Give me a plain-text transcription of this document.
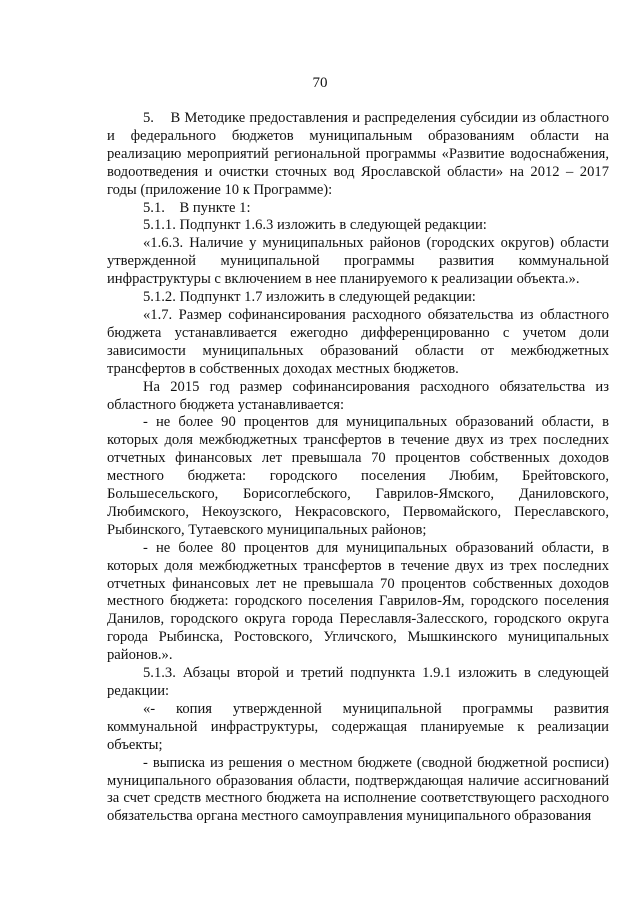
70

5.    В Методике предоставления и распределения субсидии из областного и федерального бюджетов муниципальным образованиям области на реализацию мероприятий региональной программы «Развитие водоснабжения, водоотведения и очистки сточных вод Ярославской области» на 2012 – 2017 годы (приложение 10 к Программе):

5.1.    В пункте 1:

5.1.1. Подпункт 1.6.3 изложить в следующей редакции:

«1.6.3. Наличие у муниципальных районов (городских округов) области утвержденной муниципальной программы развития коммунальной инфраструктуры с включением в нее планируемого к реализации объекта.».

5.1.2. Подпункт 1.7 изложить в следующей редакции:

«1.7. Размер софинансирования расходного обязательства из областного бюджета устанавливается ежегодно дифференцированно с учетом доли зависимости муниципальных образований области от межбюджетных трансфертов в собственных доходах местных бюджетов.

На 2015 год размер софинансирования расходного обязательства из областного бюджета устанавливается:

- не более 90 процентов для муниципальных образований области, в которых доля межбюджетных трансфертов в течение двух из трех последних отчетных финансовых лет превышала 70 процентов собственных доходов местного бюджета: городского поселения Любим, Брейтовского, Большесельского, Борисоглебского, Гаврилов-Ямского, Даниловского, Любимского, Некоузского, Некрасовского, Первомайского, Переславского, Рыбинского, Тутаевского муниципальных районов;

- не более 80 процентов для муниципальных образований области, в которых доля межбюджетных трансфертов в течение двух из трех последних отчетных финансовых лет не превышала 70 процентов собственных доходов местного бюджета: городского поселения Гаврилов-Ям, городского поселения Данилов, городского округа города Переславля-Залесского, городского округа города Рыбинска, Ростовского, Угличского, Мышкинского муниципальных районов.».

5.1.3. Абзацы второй и третий подпункта 1.9.1 изложить в следующей редакции:

«- копия утвержденной муниципальной программы развития коммунальной инфраструктуры, содержащая планируемые к реализации объекты;

- выписка из решения о местном бюджете (сводной бюджетной росписи) муниципального образования области, подтверждающая наличие ассигнований за счет средств местного бюджета на исполнение соответствующего расходного обязательства органа местного самоуправления муниципального образования
